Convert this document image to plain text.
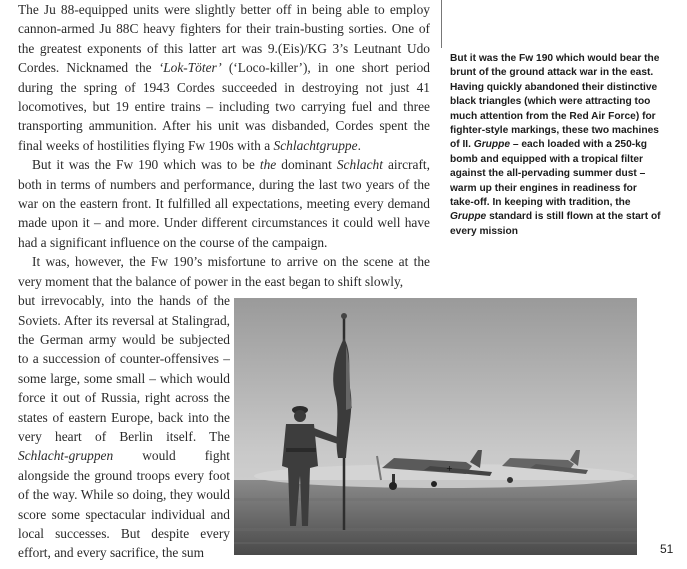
The Ju 88-equipped units were slightly better off in being able to employ cannon-armed Ju 88C heavy fighters for their train-busting sorties. One of the greatest exponents of this latter art was 9.(Eis)/KG 3’s Leutnant Udo Cordes. Nicknamed the ‘Lok-Töter’ (‘Loco-killer’), in one short period during the spring of 1943 Cordes succeeded in destroying not just 41 locomotives, but 19 entire trains – including two carrying fuel and three transporting ammunition. After his unit was disbanded, Cordes spent the final weeks of hostilities flying Fw 190s with a Schlachtgruppe.

But it was the Fw 190 which was to be the dominant Schlacht aircraft, both in terms of numbers and performance, during the last two years of the war on the eastern front. It fulfilled all expectations, meeting every demand made upon it – and more. Under different circumstances it could well have had a significant influence on the course of the campaign.

It was, however, the Fw 190’s misfortune to arrive on the scene at the very moment that the balance of power in the east began to shift slowly,

but irrevocably, into the hands of the Soviets. After its reversal at Stalingrad, the German army would be subjected to a succession of counter-offensives – some large, some small – which would force it out of Russia, right across the states of eastern Europe, back into the very heart of Berlin itself. The Schlacht-gruppen would fight alongside the ground troops every foot of the way. While so doing, they would score some spectacular individual and local successes. But despite every effort, and every sacrifice, the sum

But it was the Fw 190 which would bear the brunt of the ground attack war in the east. Having quickly abandoned their distinctive black triangles (which were attracting too much attention from the Red Air Force) for fighter-style markings, these two machines of II. Gruppe – each loaded with a 250-kg bomb and equipped with a tropical filter against the all-pervading summer dust – warm up their engines in readiness for take-off. In keeping with tradition, the Gruppe standard is still flown at the start of every mission
+
51
